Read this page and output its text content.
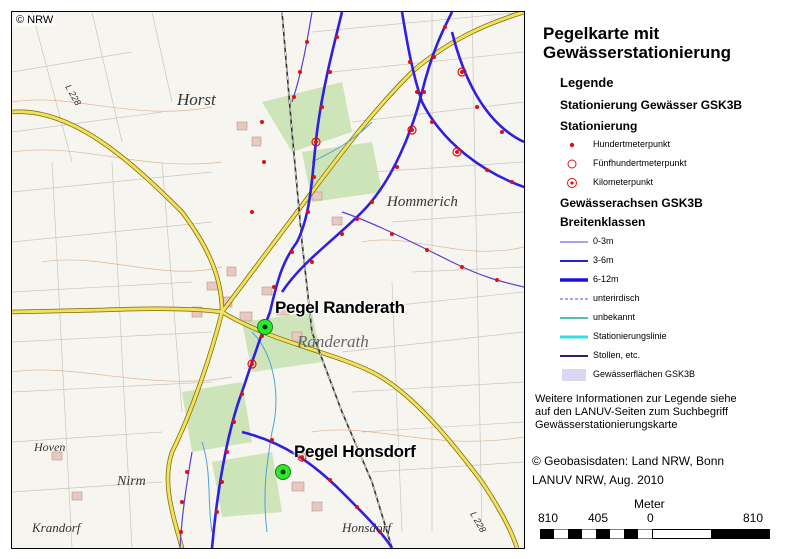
© NRW
Horst
Hommerich
Randerath
Hoven
Nirm
Krandorf	Honsdorf
L 228
L 228
Pegel Randerath
Pegel Honsdorf
Pegelkarte mit
Gewässerstationierung
Legende
Stationierung Gewässer GSK3B
Stationierung
Hundertmeterpunkt
Fünfhundertmeterpunkt
Kilometerpunkt
Gewässerachsen GSK3B
Breitenklassen
0-3m
3-6m
6-12m
unterirdisch
unbekannt
Stationierungslinie
Stollen, etc.
Gewässerflächen GSK3B
Weitere Informationen zur Legende siehe
auf den LANUV-Seiten zum Suchbegriff
Gewässerstationierungskarte
© Geobasisdaten: Land NRW, Bonn
LANUV NRW, Aug. 2010
Meter
810 405	0	810
